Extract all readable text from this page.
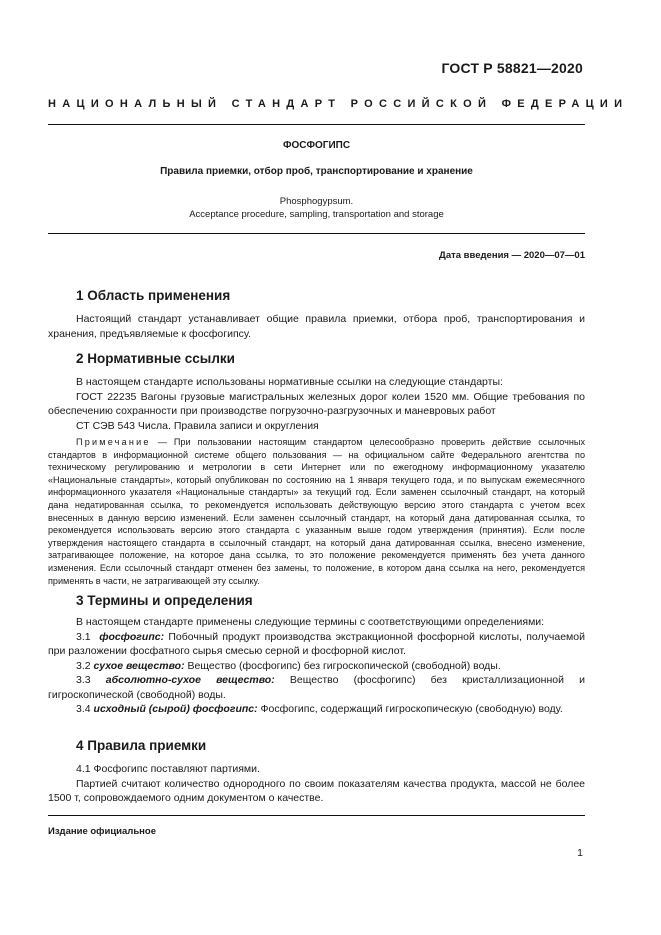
ГОСТ Р 58821—2020
НАЦИОНАЛЬНЫЙ СТАНДАРТ РОССИЙСКОЙ ФЕДЕРАЦИИ
ФОСФОГИПС
Правила приемки, отбор проб, транспортирование и хранение
Phosphogypsum.
Acceptance procedure, sampling, transportation and storage
Дата введения — 2020—07—01
1 Область применения

Настоящий стандарт устанавливает общие правила приемки, отбора проб, транспортирования и хранения, предъявляемые к фосфогипсу.

2 Нормативные ссылки

В настоящем стандарте использованы нормативные ссылки на следующие стандарты:

ГОСТ 22235 Вагоны грузовые магистральных железных дорог колеи 1520 мм. Общие требования по обеспечению сохранности при производстве погрузочно-разгрузочных и маневровых работ

СТ СЭВ 543 Числа. Правила записи и округления

Примечание — При пользовании настоящим стандартом целесообразно проверить действие ссылочных стандартов в информационной системе общего пользования — на официальном сайте Федерального агентства по техническому регулированию и метрологии в сети Интернет или по ежегодному информационному указателю «Национальные стандарты», который опубликован по состоянию на 1 января текущего года, и по выпускам ежемесячного информационного указателя «Национальные стандарты» за текущий год. Если заменен ссылочный стандарт, на который дана недатированная ссылка, то рекомендуется использовать действующую версию этого стандарта с учетом всех внесенных в данную версию изменений. Если заменен ссылочный стандарт, на который дана датированная ссылка, то рекомендуется использовать версию этого стандарта с указанным выше годом утверждения (принятия). Если после утверждения настоящего стандарта в ссылочный стандарт, на который дана датированная ссылка, внесено изменение, затрагивающее положение, на которое дана ссылка, то это положение рекомендуется применять без учета данного изменения. Если ссылочный стандарт отменен без замены, то положение, в котором дана ссылка на него, рекомендуется применять в части, не затрагивающей эту ссылку.

3 Термины и определения

В настоящем стандарте применены следующие термины с соответствующими определениями:

3.1 фосфогипс: Побочный продукт производства экстракционной фосфорной кислоты, получаемой при разложении фосфатного сырья смесью серной и фосфорной кислот.

3.2 сухое вещество: Вещество (фосфогипс) без гигроскопической (свободной) воды.

3.3 абсолютно-сухое вещество: Вещество (фосфогипс) без кристаллизационной и гигроскопической (свободной) воды.

3.4 исходный (сырой) фосфогипс: Фосфогипс, содержащий гигроскопическую (свободную) воду.

4 Правила приемки

4.1 Фосфогипс поставляют партиями.

Партией считают количество однородного по своим показателям качества продукта, массой не более 1500 т, сопровождаемого одним документом о качестве.

Издание официальное
1
